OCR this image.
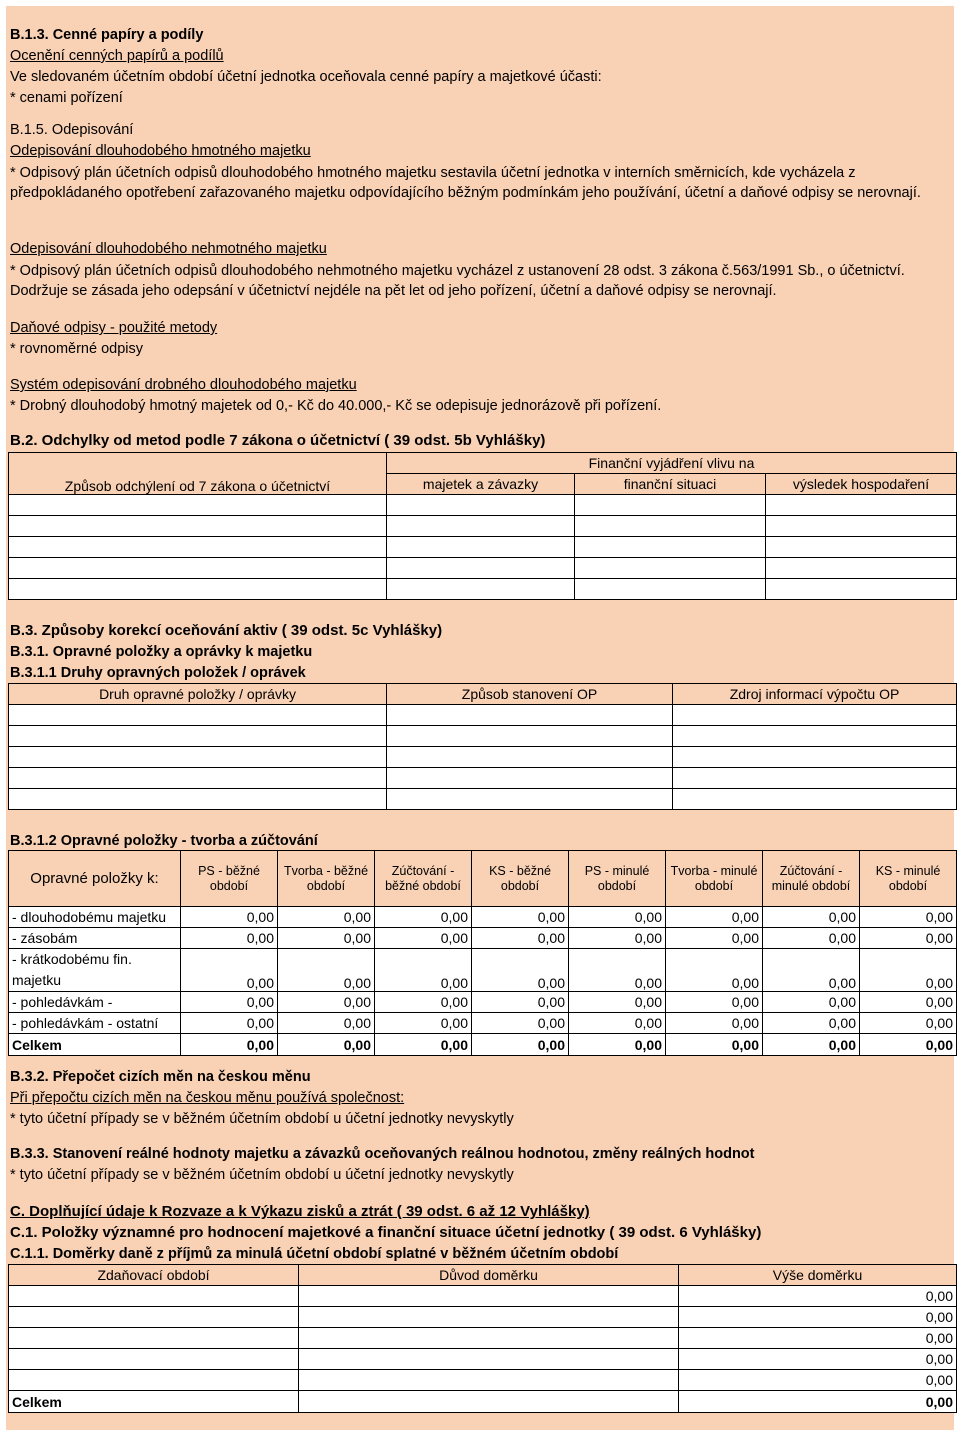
B.1.3. Cenné papíry a podíly
Ocenění cenných papírů a podílů
Ve sledovaném účetním období účetní jednotka oceňovala cenné papíry a majetkové účasti:
* cenami pořízení
B.1.5. Odepisování
Odepisování dlouhodobého hmotného majetku
* Odpisový plán účetních odpisů dlouhodobého hmotného majetku sestavila účetní jednotka v interních směrnicích, kde vycházela z předpokládaného opotřebení zařazovaného majetku odpovídajícího běžným podmínkám jeho používání, účetní a daňové odpisy se nerovnají.
Odepisování dlouhodobého nehmotného majetku
* Odpisový plán účetních odpisů dlouhodobého nehmotného majetku vycházel z ustanovení 28 odst. 3 zákona č.563/1991 Sb., o účetnictví. Dodržuje se zásada jeho odepsání v účetnictví nejdéle na pět let od jeho pořízení, účetní a daňové odpisy se nerovnají.
Daňové odpisy - použité metody
* rovnoměrné odpisy
Systém odepisování drobného dlouhodobého majetku
* Drobný dlouhodobý hmotný majetek od 0,- Kč do 40.000,- Kč se odepisuje jednorázově při pořízení.
B.2. Odchylky od metod podle 7 zákona o účetnictví ( 39 odst. 5b Vyhlášky)
Způsob odchýlení od 7 zákona o účetnictví	Finanční vyjádření vlivu na		
	majetek a závazky	finanční situaci	výsledek hospodaření

B.3. Způsoby korekcí oceňování aktiv ( 39 odst. 5c Vyhlášky)
B.3.1. Opravné položky a oprávky k majetku
B.3.1.1 Druhy opravných položek / oprávek
Druh opravné položky / oprávky	Způsob stanovení OP	Zdroj informací výpočtu OP

B.3.1.2 Opravné položky - tvorba a zúčtování
Opravné položky k:	PS - běžné období	Tvorba - běžné období	Zúčtování - běžné období	KS - běžné období	PS - minulé období	Tvorba - minulé období	Zúčtování - minulé období	KS - minulé období
- dlouhodobému majetku	0,00	0,00	0,00	0,00	0,00	0,00	0,00	0,00
- zásobám	0,00	0,00	0,00	0,00	0,00	0,00	0,00	0,00
- krátkodobému fin.
majetku	0,00	0,00	0,00	0,00	0,00	0,00	0,00	0,00
- pohledávkám -	0,00	0,00	0,00	0,00	0,00	0,00	0,00	0,00
- pohledávkám - ostatní	0,00	0,00	0,00	0,00	0,00	0,00	0,00	0,00
Celkem	0,00	0,00	0,00	0,00	0,00	0,00	0,00	0,00
B.3.2. Přepočet cizích měn na českou měnu
Při přepočtu cizích měn na českou měnu používá společnost:
* tyto účetní případy se v běžném účetním období u účetní jednotky nevyskytly
B.3.3. Stanovení reálné hodnoty majetku a závazků oceňovaných reálnou hodnotou, změny reálných hodnot
* tyto účetní případy se v běžném účetním období u účetní jednotky nevyskytly
C. Doplňující údaje k Rozvaze a k Výkazu zisků a ztrát ( 39 odst. 6 až 12 Vyhlášky)
C.1. Položky významné pro hodnocení majetkové a finanční situace účetní jednotky ( 39 odst. 6 Vyhlášky)
C.1.1. Doměrky daně z příjmů za minulá účetní období splatné v běžném účetním období
Zdaňovací období	Důvod doměrku	Výše doměrku
		0,00
		0,00
		0,00
		0,00
		0,00
Celkem		0,00
